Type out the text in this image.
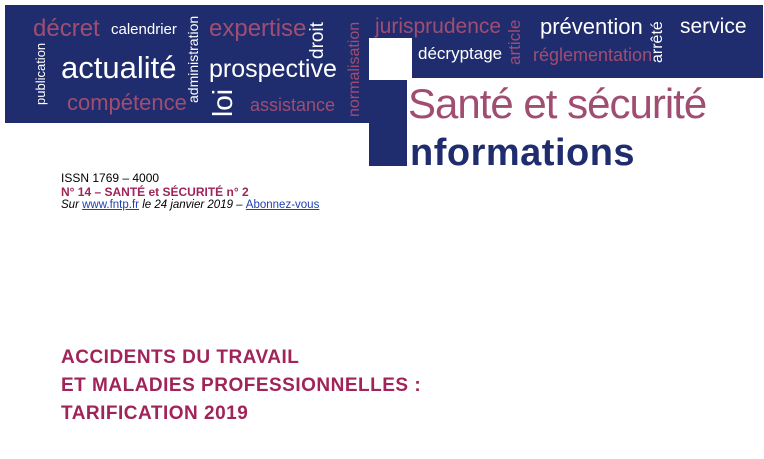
décret calendrier expertise droit normalisation jurisprudence article prévention arrêté service
publication actualité administration prospective
décryptage réglementation
compétence loi assistance Santé et sécurité
nformations
ISSN 1769 – 4000
N° 14 – SANTÉ et SÉCURITÉ n° 2
Sur www.fntp.fr le 24 janvier 2019 – Abonnez-vous
ACCIDENTS DU TRAVAIL
ET MALADIES PROFESSIONNELLES :
TARIFICATION 2019
